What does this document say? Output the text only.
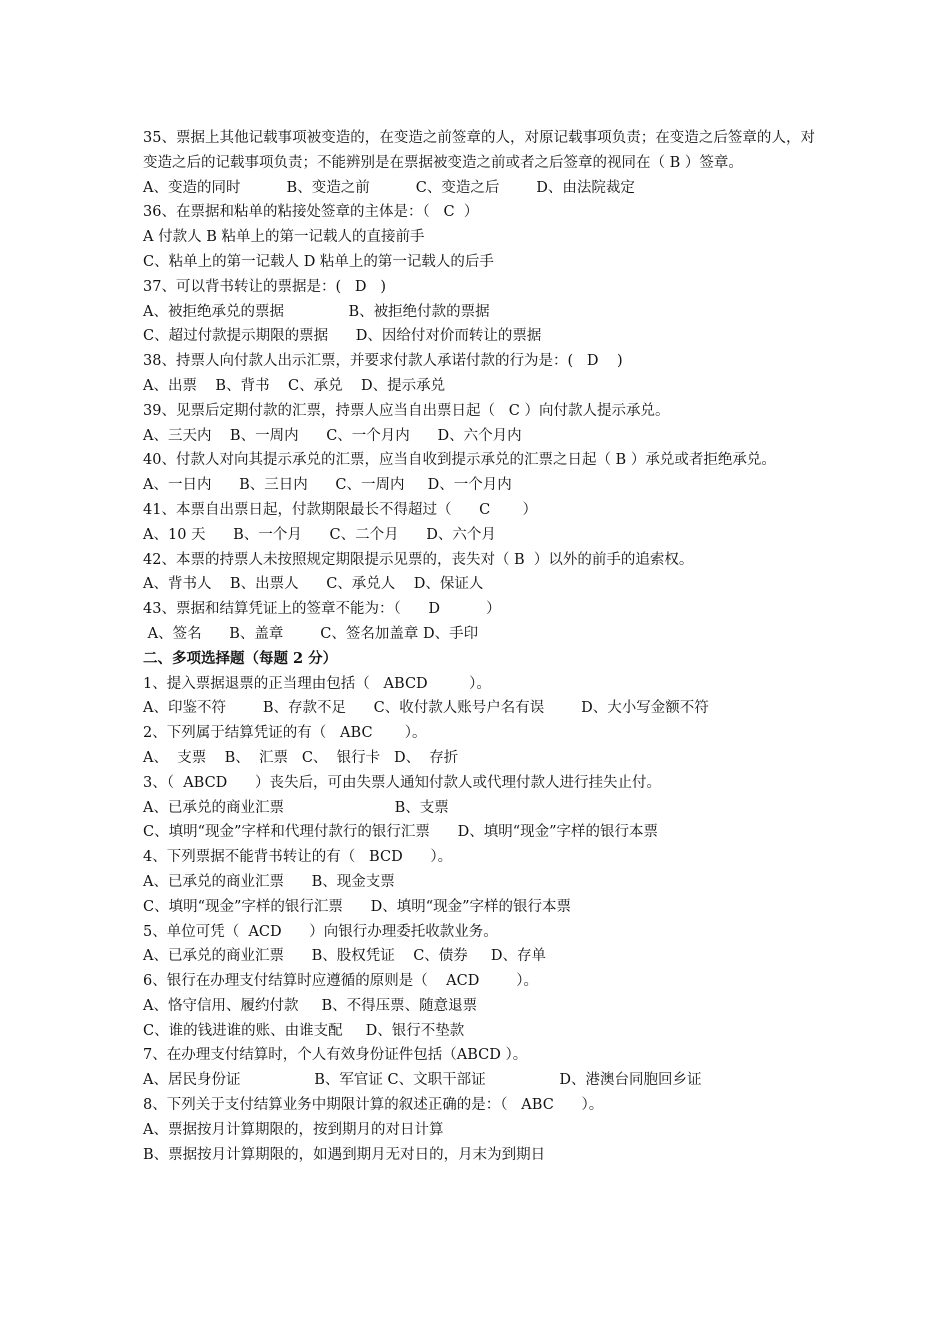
35、票据上其他记载事项被变造的，在变造之前签章的人，对原记载事项负责；在变造之后签章的人，对变造之后的记载事项负责；不能辨别是在票据被变造之前或者之后签章的视同在（ B ）签章。
A、变造的同时          B、变造之前          C、变造之后        D、由法院裁定
36、在票据和粘单的粘接处签章的主体是：（   C  ）
A 付款人 B 粘单上的第一记载人的直接前手
C、粘单上的第一记载人 D 粘单上的第一记载人的后手
37、可以背书转让的票据是：(   D   )
A、被拒绝承兑的票据              B、被拒绝付款的票据
C、超过付款提示期限的票据      D、因给付对价而转让的票据
38、持票人向付款人出示汇票，并要求付款人承诺付款的行为是：(   D    )
A、出票    B、背书    C、承兑    D、提示承兑
39、见票后定期付款的汇票，持票人应当自出票日起（   C ）向付款人提示承兑。
A、三天内    B、一周内      C、一个月内      D、六个月内
40、付款人对向其提示承兑的汇票，应当自收到提示承兑的汇票之日起（ B ）承兑或者拒绝承兑。
A、一日内      B、三日内      C、一周内     D、一个月内
41、本票自出票日起，付款期限最长不得超过（      C       ）
A、10 天      B、一个月      C、二个月      D、六个月
42、本票的持票人未按照规定期限提示见票的，丧失对（ B  ）以外的前手的追索权。
A、背书人    B、出票人      C、承兑人    D、保证人
43、票据和结算凭证上的签章不能为：（      D          ）
A、签名      B、盖章        C、签名加盖章 D、手印
二、多项选择题（每题 2 分）
1、提入票据退票的正当理由包括（   ABCD         ）。
A、印鉴不符        B、存款不足      C、收付款人账号户名有误        D、大小写金额不符
2、下列属于结算凭证的有（   ABC       ）。
A、  支票    B、  汇票   C、  银行卡   D、  存折
3、（  ABCD      ）丧失后，可由失票人通知付款人或代理付款人进行挂失止付。
A、已承兑的商业汇票                        B、支票
C、填明“现金”字样和代理付款行的银行汇票      D、填明“现金”字样的银行本票
4、下列票据不能背书转让的有（   BCD      ）。
A、已承兑的商业汇票      B、现金支票
C、填明“现金”字样的银行汇票      D、填明“现金”字样的银行本票
5、单位可凭（  ACD      ）向银行办理委托收款业务。
A、已承兑的商业汇票      B、股权凭证    C、债券     D、存单
6、银行在办理支付结算时应遵循的原则是（    ACD        ）。
A、恪守信用、履约付款     B、不得压票、随意退票
C、谁的钱进谁的账、由谁支配     D、银行不垫款
7、在办理支付结算时，个人有效身份证件包括（ABCD ）。
A、居民身份证                B、军官证 C、文职干部证                D、港澳台同胞回乡证
8、下列关于支付结算业务中期限计算的叙述正确的是：（   ABC      ）。
A、票据按月计算期限的，按到期月的对日计算
B、票据按月计算期限的，如遇到期月无对日的，月末为到期日
